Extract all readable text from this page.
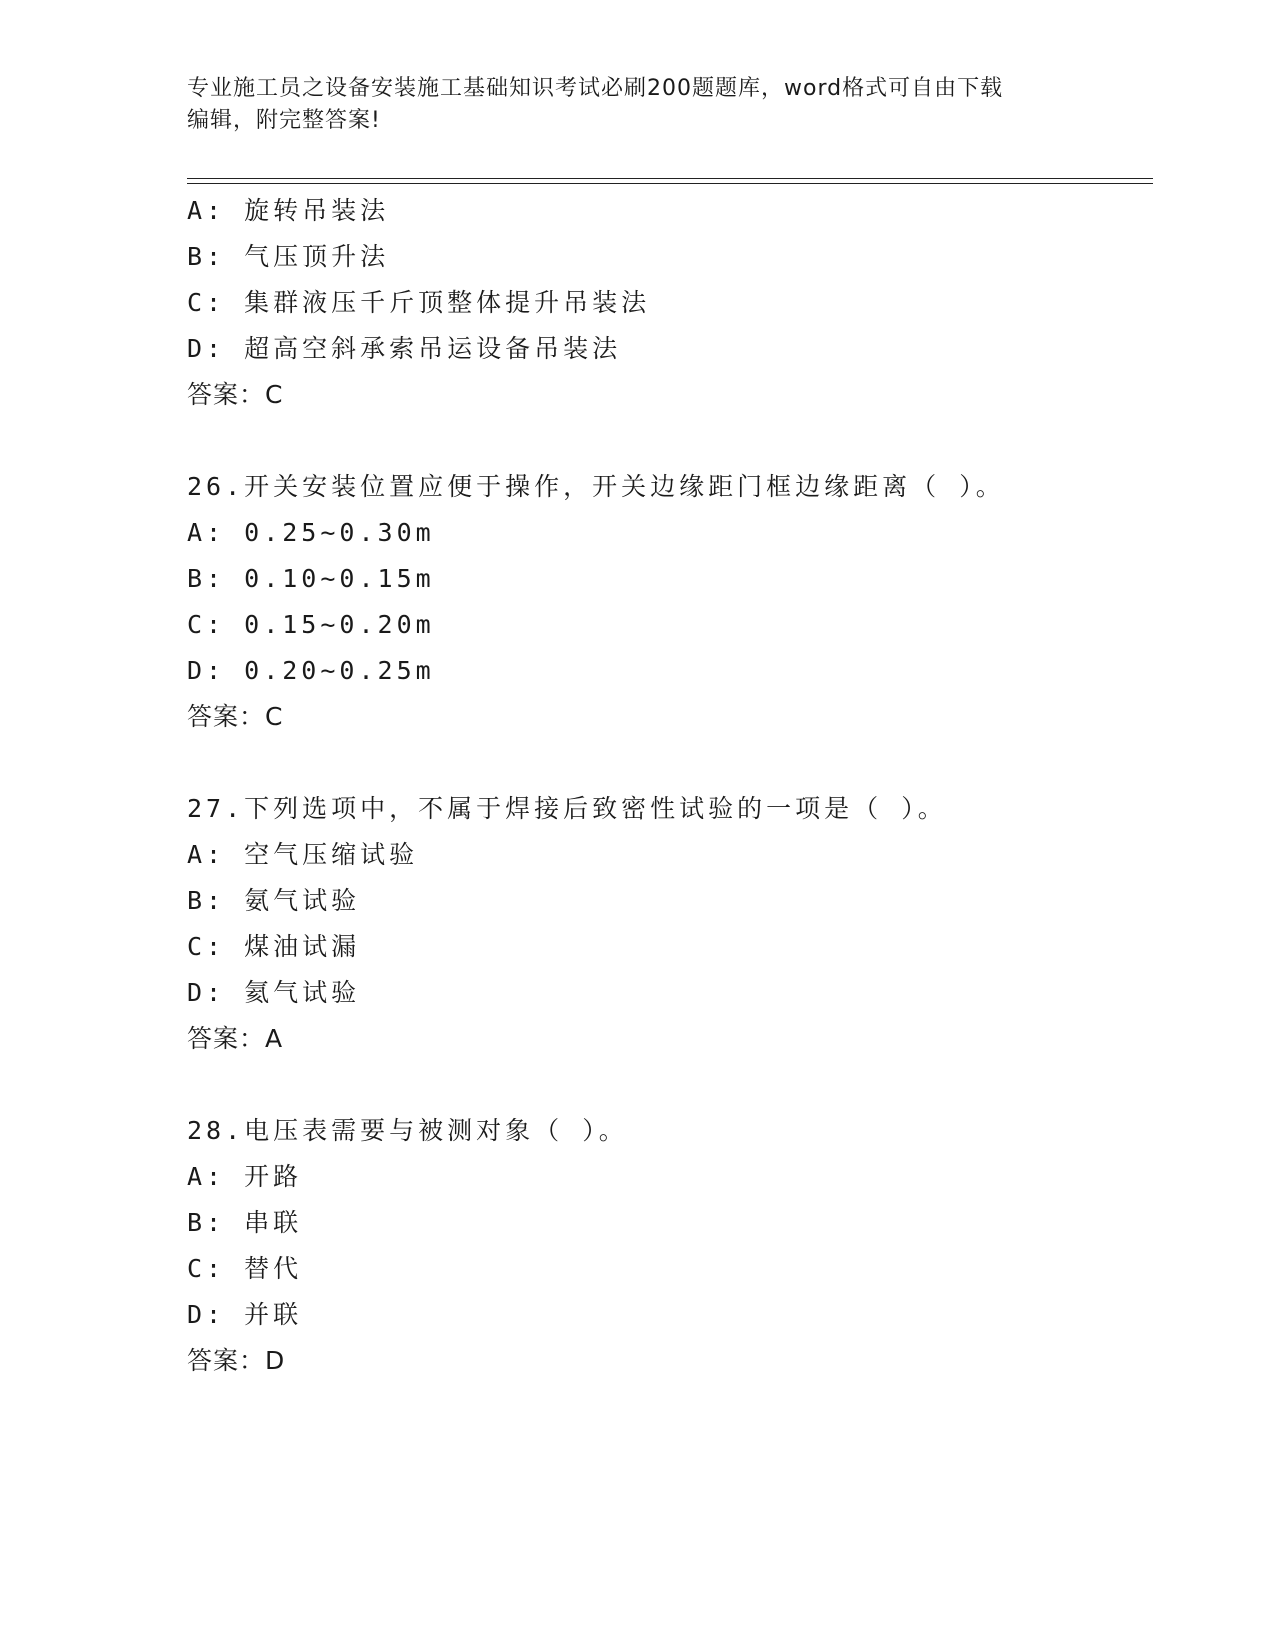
专业施工员之设备安装施工基础知识考试必刷200题题库，word格式可自由下载
编辑，附完整答案!
A: 旋转吊装法
B: 气压顶升法
C: 集群液压千斤顶整体提升吊装法
D: 超高空斜承索吊运设备吊装法
答案：C
26.开关安装位置应便于操作，开关边缘距门框边缘距离（ ）。
A: 0.25~0.30m
B: 0.10~0.15m
C: 0.15~0.20m
D: 0.20~0.25m
答案：C
27.下列选项中，不属于焊接后致密性试验的一项是（ ）。
A: 空气压缩试验
B: 氨气试验
C: 煤油试漏
D: 氦气试验
答案：A
28.电压表需要与被测对象（ ）。
A: 开路
B: 串联
C: 替代
D: 并联
答案：D
